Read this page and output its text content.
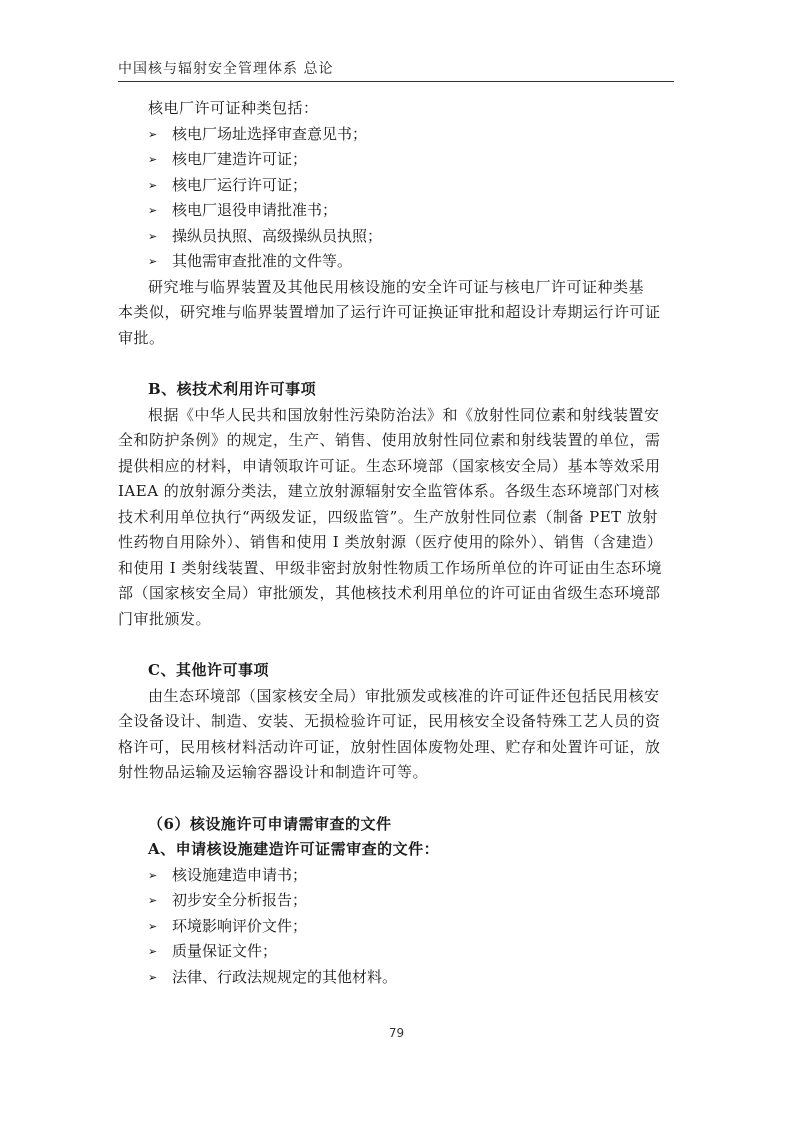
中国核与辐射安全管理体系 总论
核电厂许可证种类包括：
➢ 核电厂场址选择审查意见书；
➢ 核电厂建造许可证；
➢ 核电厂运行许可证；
➢ 核电厂退役申请批准书；
➢ 操纵员执照、高级操纵员执照；
➢ 其他需审查批准的文件等。
研究堆与临界装置及其他民用核设施的安全许可证与核电厂许可证种类基
本类似，研究堆与临界装置增加了运行许可证换证审批和超设计寿期运行许可证
审批。
B、核技术利用许可事项
根据《中华人民共和国放射性污染防治法》和《放射性同位素和射线装置安
全和防护条例》的规定，生产、销售、使用放射性同位素和射线装置的单位，需
提供相应的材料，申请领取许可证。生态环境部（国家核安全局）基本等效采用
IAEA 的放射源分类法，建立放射源辐射安全监管体系。各级生态环境部门对核
技术利用单位执行“两级发证，四级监管”。生产放射性同位素（制备 PET 放射
性药物自用除外）、销售和使用 I 类放射源（医疗使用的除外）、销售（含建造）
和使用 I 类射线装置、甲级非密封放射性物质工作场所单位的许可证由生态环境
部（国家核安全局）审批颁发，其他核技术利用单位的许可证由省级生态环境部
门审批颁发。
C、其他许可事项
由生态环境部（国家核安全局）审批颁发或核准的许可证件还包括民用核安
全设备设计、制造、安装、无损检验许可证，民用核安全设备特殊工艺人员的资
格许可，民用核材料活动许可证，放射性固体废物处理、贮存和处置许可证，放
射性物品运输及运输容器设计和制造许可等。
（6）核设施许可申请需审查的文件
A、申请核设施建造许可证需审查的文件：
➢ 核设施建造申请书；
➢ 初步安全分析报告；
➢ 环境影响评价文件；
➢ 质量保证文件；
➢ 法律、行政法规规定的其他材料。
79
